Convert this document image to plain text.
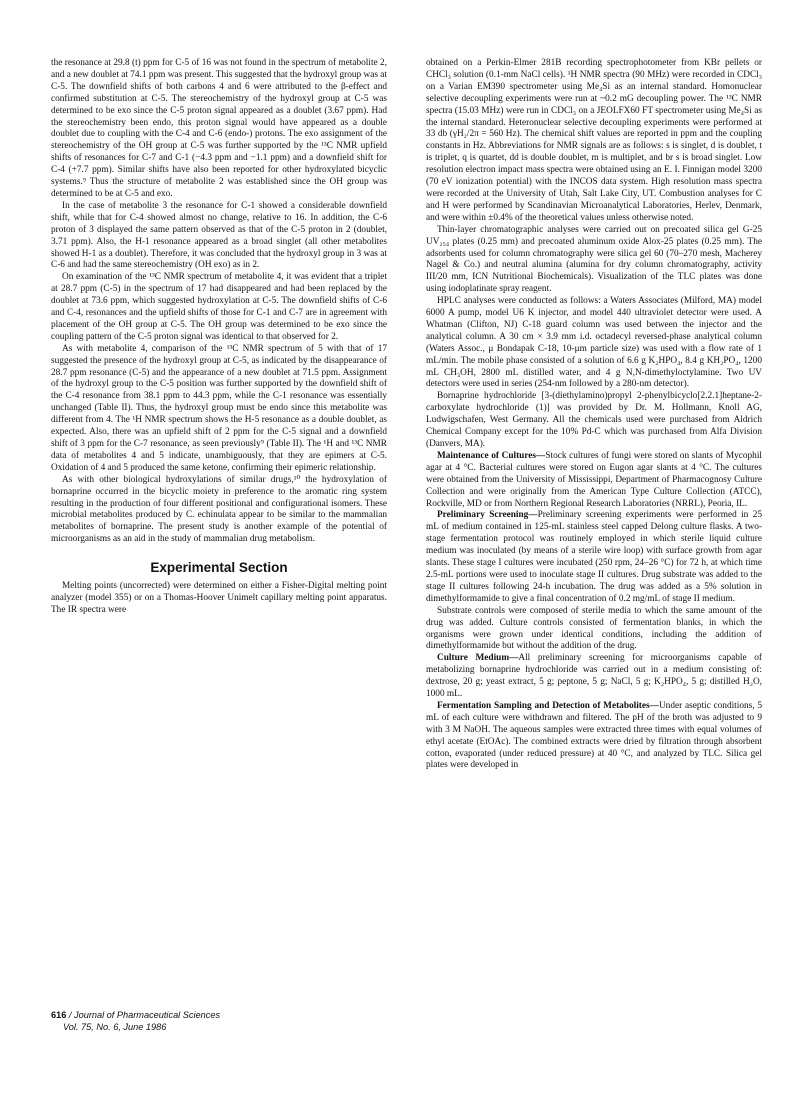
the resonance at 29.8 (t) ppm for C-5 of 16 was not found in the spectrum of metabolite 2, and a new doublet at 74.1 ppm was present. This suggested that the hydroxyl group was at C-5. The downfield shifts of both carbons 4 and 6 were attributed to the β-effect and confirmed substitution at C-5. The stereochemistry of the hydroxyl group at C-5 was determined to be exo since the C-5 proton signal appeared as a doublet (3.67 ppm). Had the stereochemistry been endo, this proton signal would have appeared as a double doublet due to coupling with the C-4 and C-6 (endo-) protons. The exo assignment of the stereochemistry of the OH group at C-5 was further supported by the ¹³C NMR upfield shifts of resonances for C-7 and C-1 (−4.3 ppm and −1.1 ppm) and a downfield shift for C-4 (+7.7 ppm). Similar shifts have also been reported for other hydroxylated bicyclic systems.⁹ Thus the structure of metabolite 2 was established since the OH group was determined to be at C-5 and exo.

In the case of metabolite 3 the resonance for C-1 showed a considerable downfield shift, while that for C-4 showed almost no change, relative to 16. In addition, the C-6 proton of 3 displayed the same pattern observed as that of the C-5 proton in 2 (doublet, 3.71 ppm). Also, the H-1 resonance appeared as a broad singlet (all other metabolites showed H-1 as a doublet). Therefore, it was concluded that the hydroxyl group in 3 was at C-6 and had the same stereochemistry (OH exo) as in 2.

On examination of the ¹³C NMR spectrum of metabolite 4, it was evident that a triplet at 28.7 ppm (C-5) in the spectrum of 17 had disappeared and had been replaced by the doublet at 73.6 ppm, which suggested hydroxylation at C-5. The downfield shifts of C-6 and C-4, resonances and the upfield shifts of those for C-1 and C-7 are in agreement with placement of the OH group at C-5. The OH group was determined to be exo since the coupling pattern of the C-5 proton signal was identical to that observed for 2.

As with metabolite 4, comparison of the ¹³C NMR spectrum of 5 with that of 17 suggested the presence of the hydroxyl group at C-5, as indicated by the disappearance of 28.7 ppm resonance (C-5) and the appearance of a new doublet at 71.5 ppm. Assignment of the hydroxyl group to the C-5 position was further supported by the downfield shift of the C-4 resonance from 38.1 ppm to 44.3 ppm, while the C-1 resonance was essentially unchanged (Table II). Thus, the hydroxyl group must be endo since this metabolite was different from 4. The ¹H NMR spectrum shows the H-5 resonance as a double doublet, as expected. Also, there was an upfield shift of 2 ppm for the C-5 signal and a downfield shift of 3 ppm for the C-7 resonance, as seen previously⁹ (Table II). The ¹H and ¹³C NMR data of metabolites 4 and 5 indicate, unambiguously, that they are epimers at C-5. Oxidation of 4 and 5 produced the same ketone, confirming their epimeric relationship.

As with other biological hydroxylations of similar drugs,¹⁰ the hydroxylation of bornaprine occurred in the bicyclic moiety in preference to the aromatic ring system resulting in the production of four different positional and configurational isomers. These microbial metabolites produced by C. echinulata appear to be similar to the mammalian metabolites of bornaprine. The present study is another example of the potential of microorganisms as an aid in the study of mammalian drug metabolism.

Experimental Section

Melting points (uncorrected) were determined on either a Fisher-Digital melting point analyzer (model 355) or on a Thomas-Hoover Unimelt capillary melting point apparatus. The IR spectra were

obtained on a Perkin-Elmer 281B recording spectrophotometer from KBr pellets or CHCl₃ solution (0.1-mm NaCl cells). ¹H NMR spectra (90 MHz) were recorded in CDCl₃ on a Varian EM390 spectrometer using Me₄Si as an internal standard. Homonuclear selective decoupling experiments were run at ~0.2 mG decoupling power. The ¹³C NMR spectra (15.03 MHz) were run in CDCl₃ on a JEOLFX60 FT spectrometer using Me₄Si as the internal standard. Heteronuclear selective decoupling experiments were performed at 33 db (γH₂/2π = 560 Hz). The chemical shift values are reported in ppm and the coupling constants in Hz. Abbreviations for NMR signals are as follows: s is singlet, d is doublet, t is triplet, q is quartet, dd is double doublet, m is multiplet, and br s is broad singlet. Low resolution electron impact mass spectra were obtained using an E. I. Finnigan model 3200 (70 eV ionization potential) with the INCOS data system. High resolution mass spectra were recorded at the University of Utah, Salt Lake City, UT. Combustion analyses for C and H were performed by Scandinavian Microanalytical Laboratories, Herlev, Denmark, and were within ±0.4% of the theoretical values unless otherwise noted.

Thin-layer chromatographic analyses were carried out on precoated silica gel G-25 UV₂₅₄ plates (0.25 mm) and precoated aluminum oxide Alox-25 plates (0.25 mm). The adsorbents used for column chromatography were silica gel 60 (70–270 mesh, Macherey Nagel & Co.) and neutral alumina (alumina for dry column chromatography, activity III/20 mm, ICN Nutritional Biochemicals). Visualization of the TLC plates was done using iodoplatinate spray reagent.

HPLC analyses were conducted as follows: a Waters Associates (Milford, MA) model 6000 A pump, model U6 K injector, and model 440 ultraviolet detector were used. A Whatman (Clifton, NJ) C-18 guard column was used between the injector and the analytical column. A 30 cm × 3.9 mm i.d. octadecyl reversed-phase analytical column (Waters Assoc., μ Bondapak C-18, 10-μm particle size) was used with a flow rate of 1 mL/min. The mobile phase consisted of a solution of 6.6 g K₂HPO₄, 8.4 g KH₂PO₄, 1200 mL CH₃OH, 2800 mL distilled water, and 4 g N,N-dimethyloctylamine. Two UV detectors were used in series (254-nm followed by a 280-nm detector).

Bornaprine hydrochloride [3-(diethylamino)propyl 2-phenylbicyclo[2.2.1]heptane-2-carboxylate hydrochloride (1)] was provided by Dr. M. Hollmann, Knoll AG, Ludwigschafen, West Germany. All the chemicals used were purchased from Aldrich Chemical Company except for the 10% Pd-C which was purchased from Alfa Division (Danvers, MA).

Maintenance of Cultures—Stock cultures of fungi were stored on slants of Mycophil agar at 4 °C. Bacterial cultures were stored on Eugon agar slants at 4 °C. The cultures were obtained from the University of Mississippi, Department of Pharmacognosy Culture Collection and were originally from the American Type Culture Collection (ATCC), Rockville, MD or from Northern Regional Research Laboratories (NRRL), Peoria, IL.

Preliminary Screening—Preliminary screening experiments were performed in 25 mL of medium contained in 125-mL stainless steel capped Delong culture flasks. A two-stage fermentation protocol was routinely employed in which sterile liquid culture medium was inoculated (by means of a sterile wire loop) with surface growth from agar slants. These stage I cultures were incubated (250 rpm, 24–26 °C) for 72 h, at which time 2.5-mL portions were used to inoculate stage II cultures. Drug substrate was added to the stage II cultures following 24-h incubation. The drug was added as a 5% solution in dimethylformamide to give a final concentration of 0.2 mg/mL of stage II medium.

Substrate controls were composed of sterile media to which the same amount of the drug was added. Culture controls consisted of fermentation blanks, in which the organisms were grown under identical conditions, including the addition of dimethylformamide but without the addition of the drug.

Culture Medium—All preliminary screening for microorganisms capable of metabolizing bornaprine hydrochloride was carried out in a medium consisting of: dextrose, 20 g; yeast extract, 5 g; peptone, 5 g; NaCl, 5 g; K₂HPO₄, 5 g; distilled H₂O, 1000 mL.

Fermentation Sampling and Detection of Metabolites—Under aseptic conditions, 5 mL of each culture were withdrawn and filtered. The pH of the broth was adjusted to 9 with 3 M NaOH. The aqueous samples were extracted three times with equal volumes of ethyl acetate (EtOAc). The combined extracts were dried by filtration through absorbent cotton, evaporated (under reduced pressure) at 40 °C, and analyzed by TLC. Silica gel plates were developed in

616 / Journal of Pharmaceutical Sciences
Vol. 75, No. 6, June 1986
